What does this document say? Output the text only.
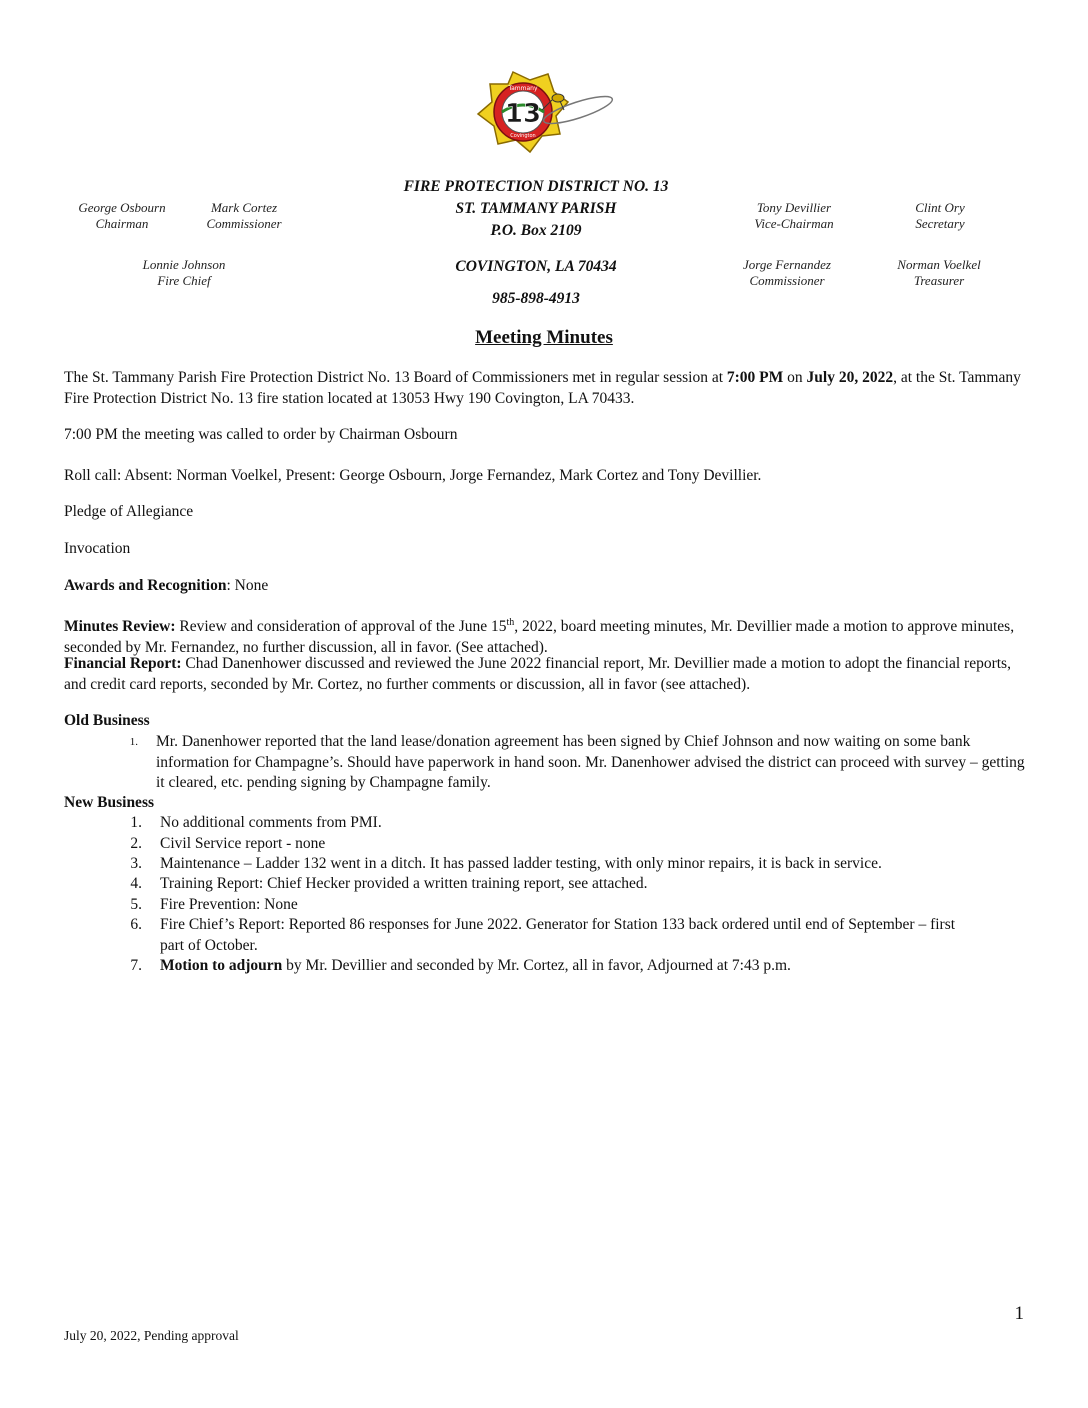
13
Tammany
Covington
George Osbourn
Chairman
Mark Cortez
Commissioner
Lonnie Johnson
Fire Chief
Tony Devillier
Vice-Chairman
Clint Ory
Secretary
Jorge Fernandez
Commissioner
Norman Voelkel
Treasurer
FIRE PROTECTION DISTRICT NO. 13
ST. TAMMANY PARISH
P.O. Box 2109
COVINGTON, LA 70434
985-898-4913
Meeting Minutes
The St. Tammany Parish Fire Protection District No. 13 Board of Commissioners met in regular session at 7:00 PM on July 20, 2022, at the St. Tammany Fire Protection District No. 13 fire station located at 13053 Hwy 190 Covington, LA 70433.
7:00 PM the meeting was called to order by Chairman Osbourn
Roll call: Absent: Norman Voelkel, Present: George Osbourn, Jorge Fernandez, Mark Cortez and Tony Devillier.
Pledge of Allegiance
Invocation
Awards and Recognition: None
Minutes Review: Review and consideration of approval of the June 15th, 2022, board meeting minutes, Mr. Devillier made a motion to approve minutes, seconded by Mr. Fernandez, no further discussion, all in favor. (See attached).
Financial Report: Chad Danenhower discussed and reviewed the June 2022 financial report, Mr. Devillier made a motion to adopt the financial reports, and credit card reports, seconded by Mr. Cortez, no further comments or discussion, all in favor (see attached).
Old Business
1. Mr. Danenhower reported that the land lease/donation agreement has been signed by Chief Johnson and now waiting on some bank information for Champagne’s. Should have paperwork in hand soon. Mr. Danenhower advised the district can proceed with survey – getting it cleared, etc. pending signing by Champagne family.
New Business
1. No additional comments from PMI.
2. Civil Service report - none
3. Maintenance – Ladder 132 went in a ditch. It has passed ladder testing, with only minor repairs, it is back in service.
4. Training Report: Chief Hecker provided a written training report, see attached.
5. Fire Prevention: None
6. Fire Chief’s Report: Reported 86 responses for June 2022. Generator for Station 133 back ordered until end of September – first part of October.
7. Motion to adjourn by Mr. Devillier and seconded by Mr. Cortez, all in favor, Adjourned at 7:43 p.m.
1
July 20, 2022, Pending approval
